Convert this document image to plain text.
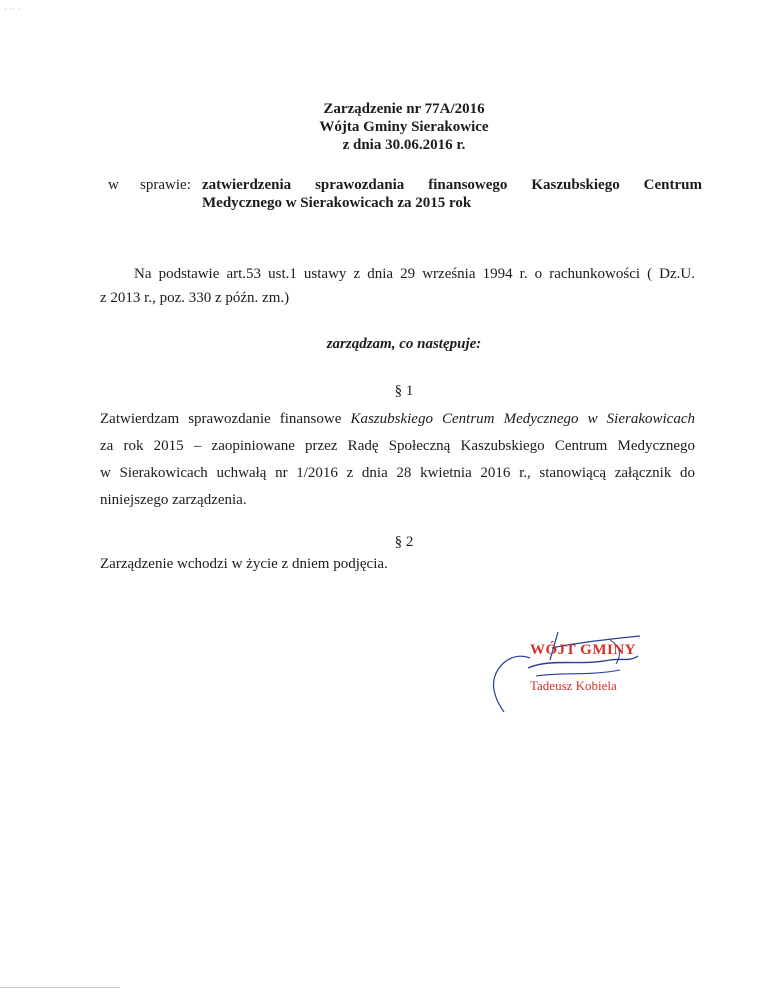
· ·· ·
Zarządzenie nr 77A/2016
Wójta Gminy Sierakowice
z dnia 30.06.2016 r.
w sprawie: zatwierdzenia sprawozdania finansowego Kaszubskiego Centrum
Medycznego w Sierakowicach za 2015 rok
Na podstawie art.53 ust.1 ustawy z dnia 29 września 1994 r. o rachunkowości ( Dz.U.
z 2013 r., poz. 330 z późn. zm.)
zarządzam, co następuje:
§ 1
Zatwierdzam sprawozdanie finansowe Kaszubskiego Centrum Medycznego w Sierakowicach
za rok 2015 – zaopiniowane przez Radę Społeczną Kaszubskiego Centrum Medycznego
w Sierakowicach uchwałą nr 1/2016 z dnia 28 kwietnia 2016 r., stanowiącą załącznik do
niniejszego zarządzenia.
§ 2
Zarządzenie wchodzi w życie z dniem podjęcia.
WÓJT GMINY
Tadeusz Kobiela
